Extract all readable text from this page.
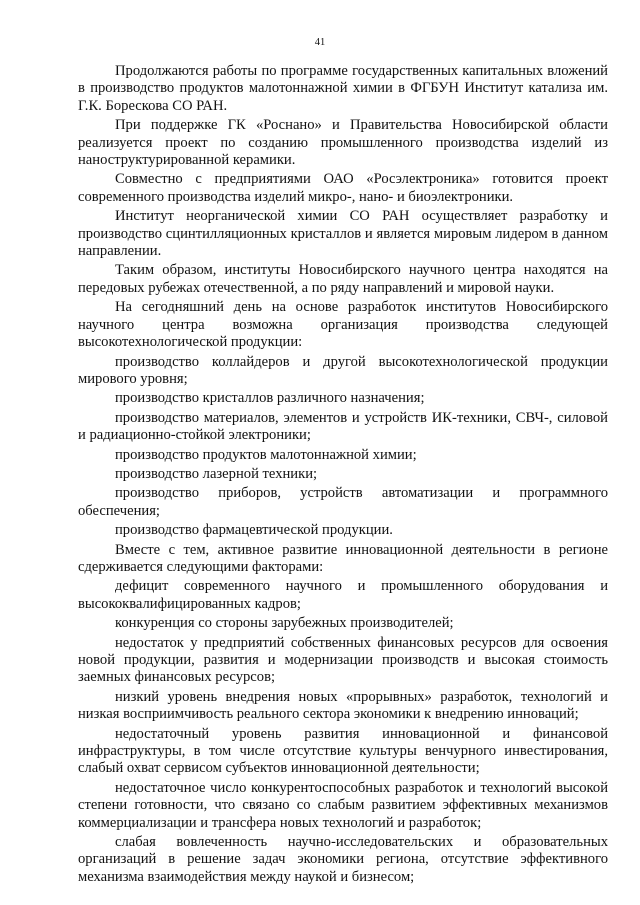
41

Продолжаются работы по программе государственных капитальных вложений в производство продуктов малотоннажной химии в ФГБУН Институт катализа им. Г.К. Борескова СО РАН.

При поддержке ГК «Роснано» и Правительства Новосибирской области реализуется проект по созданию промышленного производства изделий из наноструктурированной керамики.

Совместно с предприятиями ОАО «Росэлектроника» готовится проект современного производства изделий микро-, нано- и биоэлектроники.

Институт неорганической химии СО РАН осуществляет разработку и производство сцинтилляционных кристаллов и является мировым лидером в данном направлении.

Таким образом, институты Новосибирского научного центра находятся на передовых рубежах отечественной, а по ряду направлений и мировой науки.

На сегодняшний день на основе разработок институтов Новосибирского научного центра возможна организация производства следующей высокотехнологической продукции:

производство коллайдеров и другой высокотехнологической продукции мирового уровня;

производство кристаллов различного назначения;

производство материалов, элементов и устройств ИК-техники, СВЧ-, силовой и радиационно-стойкой электроники;

производство продуктов малотоннажной химии;

производство лазерной техники;

производство приборов, устройств автоматизации и программного обеспечения;

производство фармацевтической продукции.

Вместе с тем, активное развитие инновационной деятельности в регионе сдерживается следующими факторами:

дефицит современного научного и промышленного оборудования и высококвалифицированных кадров;

конкуренция со стороны зарубежных производителей;

недостаток у предприятий собственных финансовых ресурсов для освоения новой продукции, развития и модернизации производств и высокая стоимость заемных финансовых ресурсов;

низкий уровень внедрения новых «прорывных» разработок, технологий и низкая восприимчивость реального сектора экономики к внедрению инноваций;

недостаточный уровень развития инновационной и финансовой инфраструктуры, в том числе отсутствие культуры венчурного инвестирования, слабый охват сервисом субъектов инновационной деятельности;

недостаточное число конкурентоспособных разработок и технологий высокой степени готовности, что связано со слабым развитием эффективных механизмов коммерциализации и трансфера новых технологий и разработок;

слабая вовлеченность научно-исследовательских и образовательных организаций в решение задач экономики региона, отсутствие эффективного механизма взаимодействия между наукой и бизнесом;
